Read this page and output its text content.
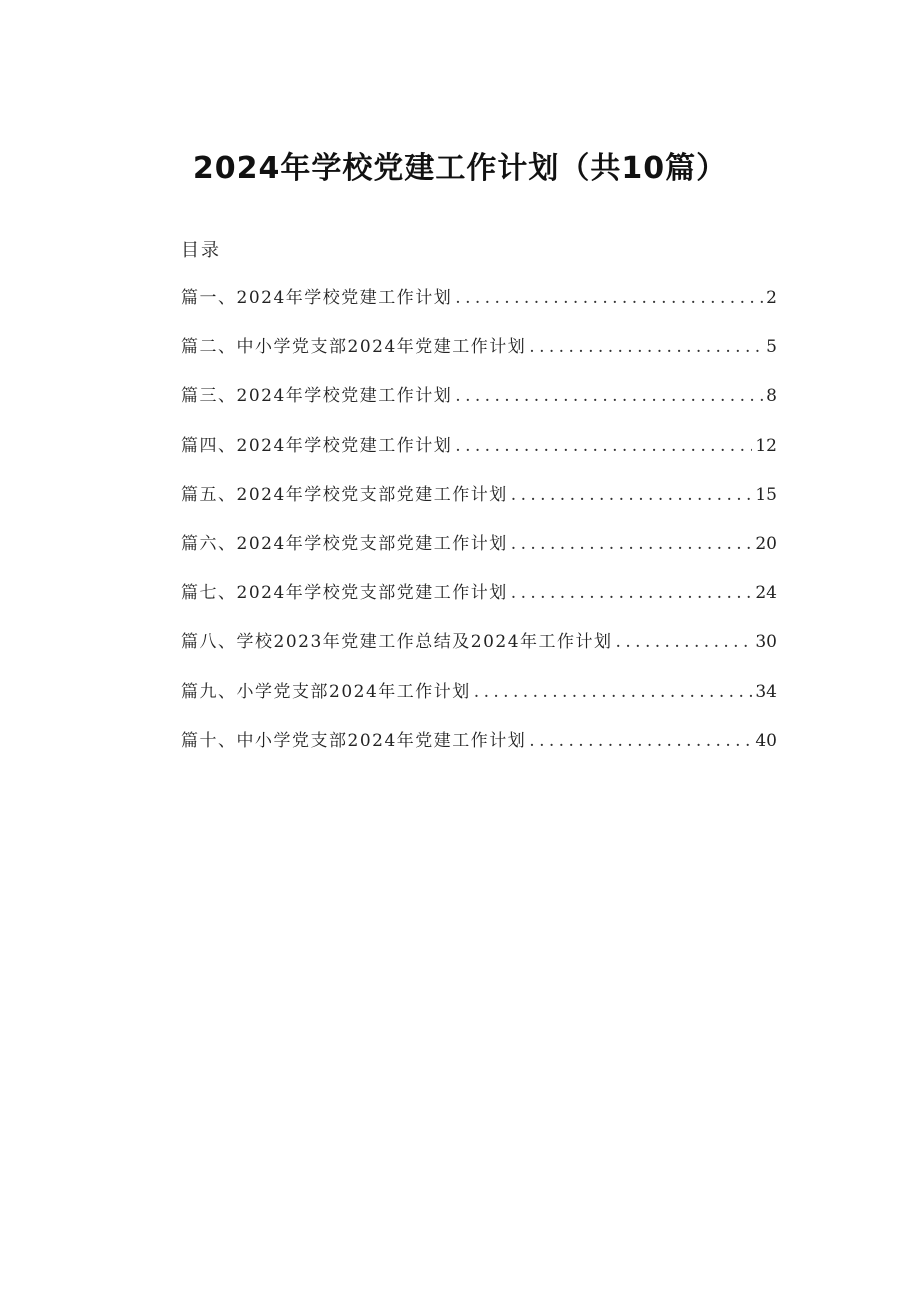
2024年学校党建工作计划（共10篇）
目录
篇一、2024年学校党建工作计划 .....	2
篇二、中小学党支部2024年党建工作计划 .....	5
篇三、2024年学校党建工作计划 .....	8
篇四、2024年学校党建工作计划 .....	12
篇五、2024年学校党支部党建工作计划 .....	15
篇六、2024年学校党支部党建工作计划 .....	20
篇七、2024年学校党支部党建工作计划 .....	24
篇八、学校2023年党建工作总结及2024年工作计划 .....	30
篇九、小学党支部2024年工作计划 .....	34
篇十、中小学党支部2024年党建工作计划 .....	40
